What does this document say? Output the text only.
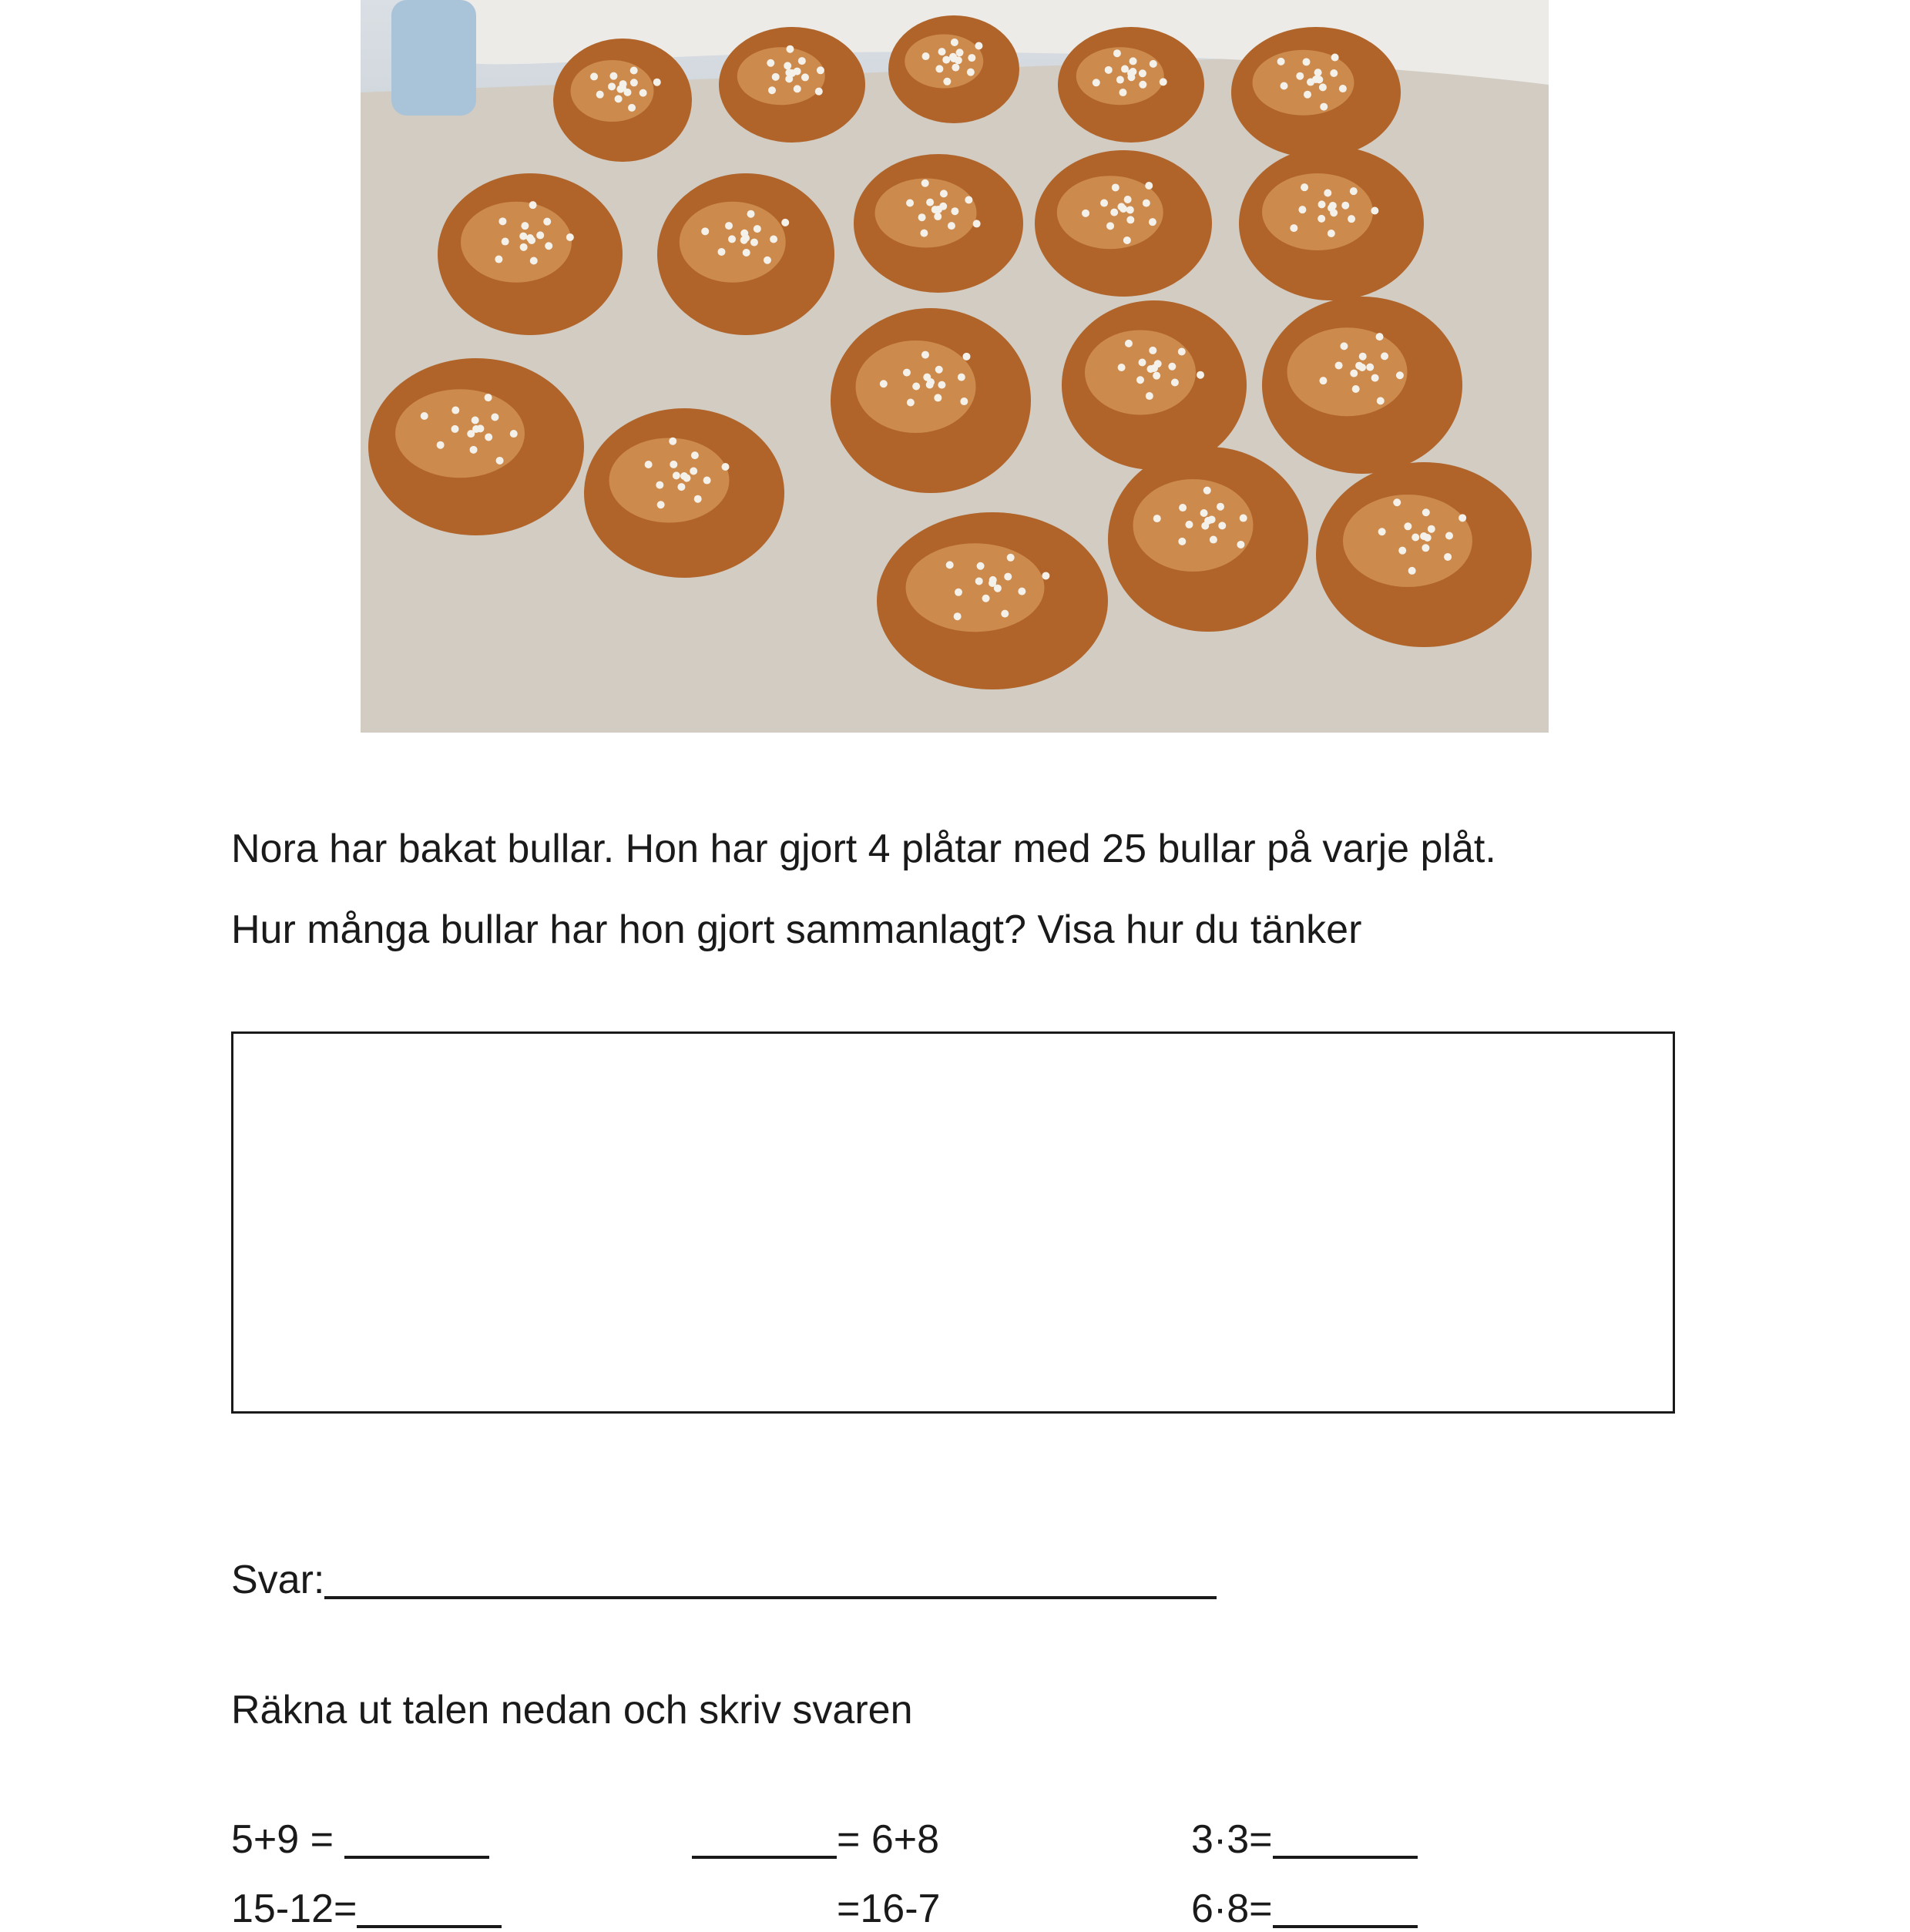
Nora har bakat bullar. Hon har gjort 4 plåtar med 25 bullar på varje plåt.
Hur många bullar har hon gjort sammanlagt? Visa hur du tänker
Svar:
Räkna ut talen nedan och skriv svaren
5+9 =	= 6+8	3·3=
15-12=	=16-7	6·8=
